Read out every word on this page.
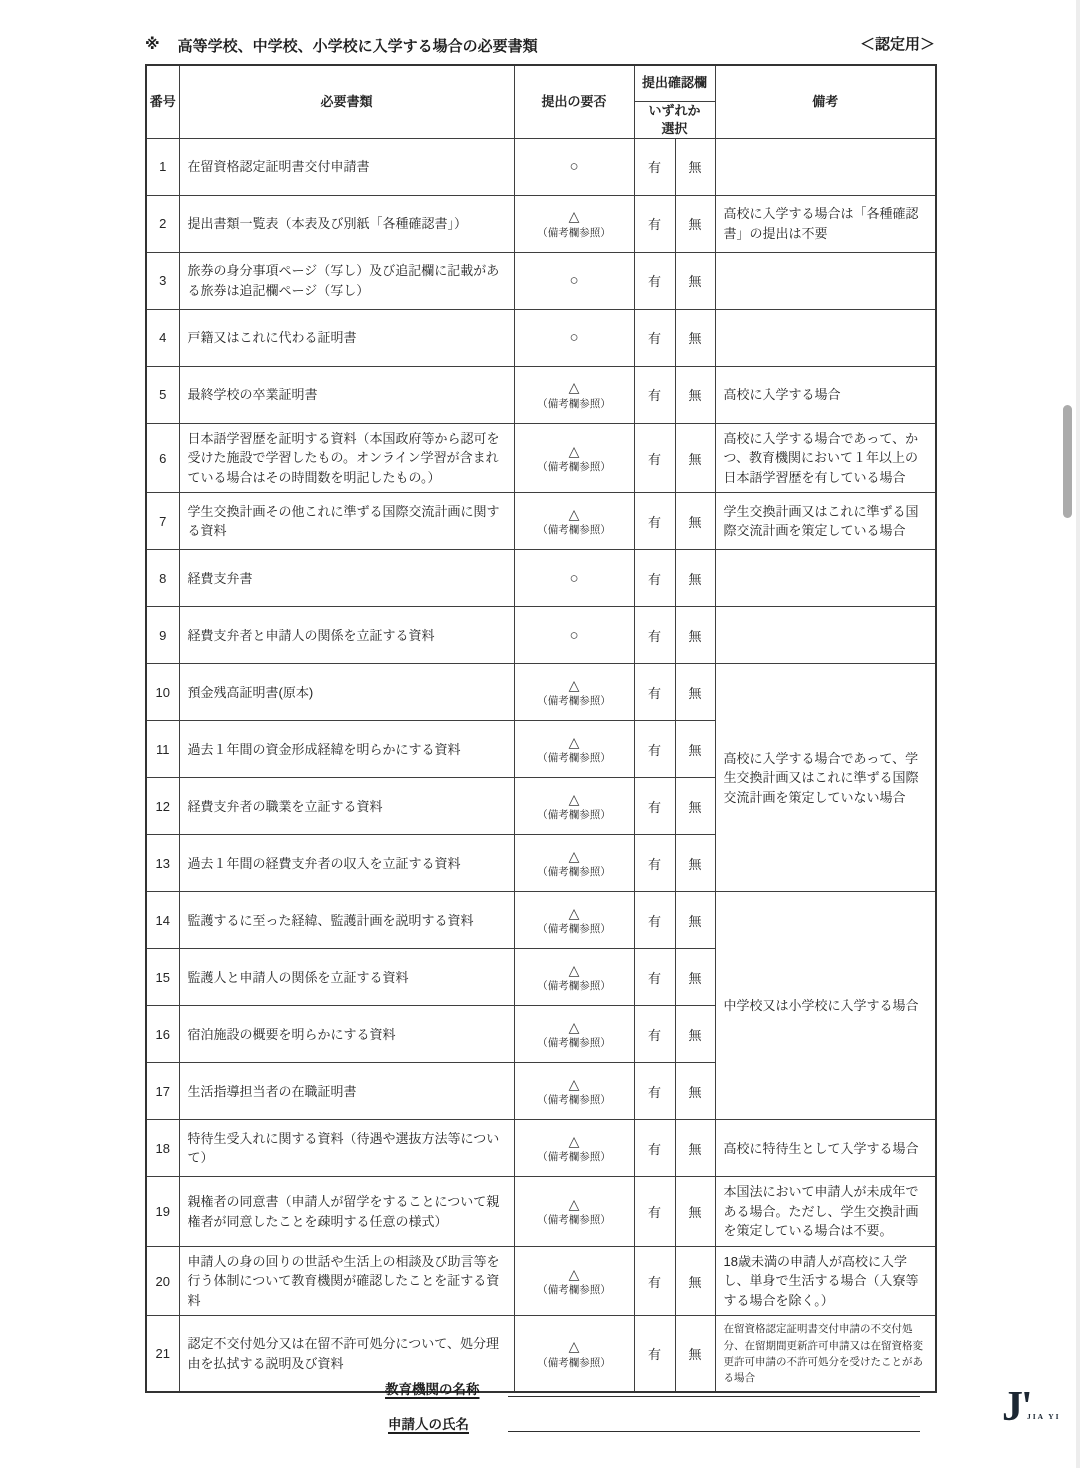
※ 高等学校、中学校、小学校に入学する場合の必要書類	＜認定用＞
番号	必要書類	提出の要否	提出確認欄		備考

			いずれか
選択		

1	在留資格認定証明書交付申請書	○	有	無	
2	提出書類一覧表（本表及び別紙「各種確認書」）	△
（備考欄参照）	有	無	高校に入学する場合は「各種確認書」の提出は不要
3	旅券の身分事項ページ（写し）及び追記欄に記載がある旅券は追記欄ページ（写し）	○	有	無	
4	戸籍又はこれに代わる証明書	○	有	無	
5	最終学校の卒業証明書	△
（備考欄参照）	有	無	高校に入学する場合
6	日本語学習歴を証明する資料（本国政府等から認可を受けた施設で学習したもの。オンライン学習が含まれている場合はその時間数を明記したもの。）	△
（備考欄参照）	有	無	高校に入学する場合であって、かつ、教育機関において１年以上の日本語学習歴を有している場合
7	学生交換計画その他これに準ずる国際交流計画に関する資料	△
（備考欄参照）	有	無	学生交換計画又はこれに準ずる国際交流計画を策定している場合
8	経費支弁書	○	有	無	
9	経費支弁者と申請人の関係を立証する資料	○	有	無	
10	預金残高証明書(原本)	△
（備考欄参照）	有	無	高校に入学する場合であって、学生交換計画又はこれに準ずる国際交流計画を策定していない場合
11	過去１年間の資金形成経緯を明らかにする資料	△
（備考欄参照）	有	無	
12	経費支弁者の職業を立証する資料	△
（備考欄参照）	有	無	
13	過去１年間の経費支弁者の収入を立証する資料	△
（備考欄参照）	有	無	
14	監護するに至った経緯、監護計画を説明する資料	△
（備考欄参照）	有	無	中学校又は小学校に入学する場合
15	監護人と申請人の関係を立証する資料	△
（備考欄参照）	有	無	
16	宿泊施設の概要を明らかにする資料	△
（備考欄参照）	有	無	
17	生活指導担当者の在職証明書	△
（備考欄参照）	有	無	
18	特待生受入れに関する資料（待遇や選抜方法等について）	△
（備考欄参照）	有	無	高校に特待生として入学する場合
19	親権者の同意書（申請人が留学をすることについて親権者が同意したことを疎明する任意の様式）	△
（備考欄参照）	有	無	本国法において申請人が未成年である場合。ただし、学生交換計画を策定している場合は不要。
20	申請人の身の回りの世話や生活上の相談及び助言等を行う体制について教育機関が確認したことを証する資料	△
（備考欄参照）	有	無	18歳未満の申請人が高校に入学し、単身で生活する場合（入寮等する場合を除く。）
21	認定不交付処分又は在留不許可処分について、処分理由を払拭する説明及び資料	△
（備考欄参照）	有	無	在留資格認定証明書交付申請の不交付処分、在留期間更新許可申請又は在留資格変更許可申請の不許可処分を受けたことがある場合
教育機関の名称
申請人の氏名	J'
JIA YI
